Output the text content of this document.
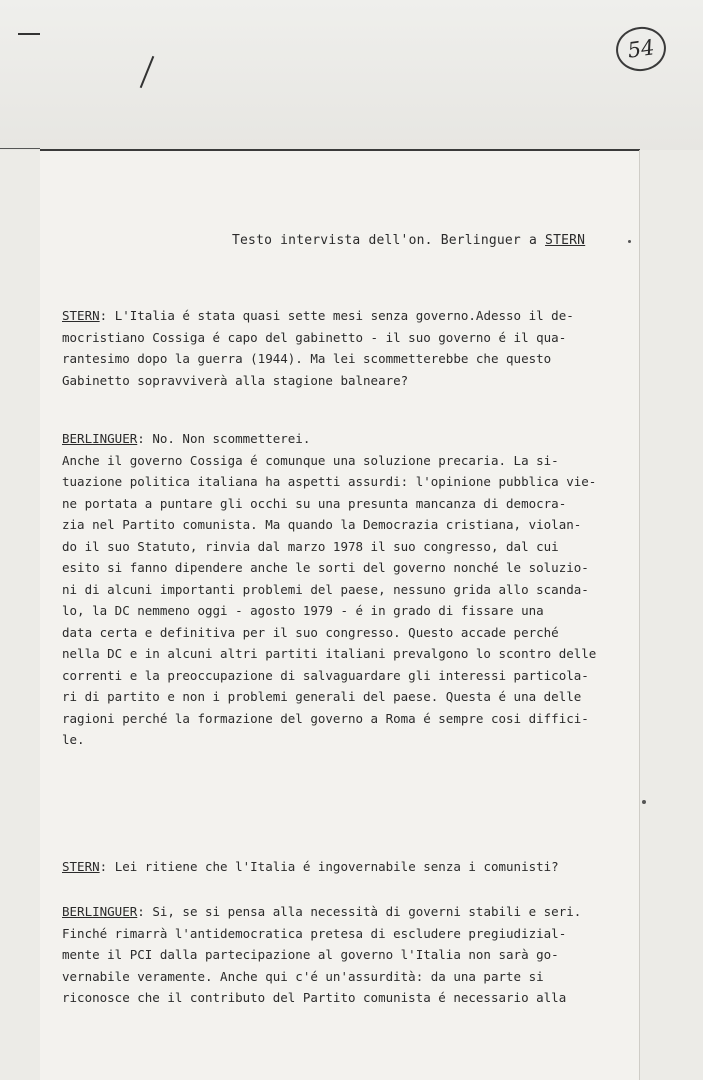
54
Testo intervista dell'on. Berlinguer a STERN

STERN: L'Italia é stata quasi sette mesi senza governo.Adesso il de-

mocristiano Cossiga é capo del gabinetto - il suo governo é il qua-

rantesimo dopo la guerra (1944). Ma lei scommetterebbe che questo

Gabinetto sopravviverà alla stagione balneare?

BERLINGUER: No. Non scommetterei.

Anche il governo Cossiga é comunque una soluzione precaria. La si-

tuazione politica italiana ha aspetti assurdi: l'opinione pubblica vie-

ne portata a puntare gli occhi su una presunta mancanza di democra-

zia nel Partito comunista. Ma quando la Democrazia cristiana, violan-

do il suo Statuto, rinvia dal marzo 1978 il suo congresso, dal cui

esito si fanno dipendere anche le sorti del governo nonché le soluzio-

ni di alcuni importanti problemi del paese, nessuno grida allo scanda-

lo, la DC nemmeno oggi - agosto 1979 - é in grado di fissare una

data certa e definitiva per il suo congresso. Questo accade perché

nella DC e in alcuni altri partiti italiani prevalgono lo scontro delle

correnti e la preoccupazione di salvaguardare gli interessi particola-

ri di partito e non i problemi generali del paese. Questa é una delle

ragioni perché la formazione del governo a Roma é sempre cosi diffici-

le.

STERN: Lei ritiene che l'Italia é ingovernabile senza i comunisti?

BERLINGUER: Si, se si pensa alla necessità di governi stabili e seri.

Finché rimarrà l'antidemocratica pretesa di escludere pregiudizial-

mente il PCI dalla partecipazione al governo l'Italia non sarà go-

vernabile veramente. Anche qui c'é un'assurdità: da una parte si

riconosce che il contributo del Partito comunista é necessario alla
